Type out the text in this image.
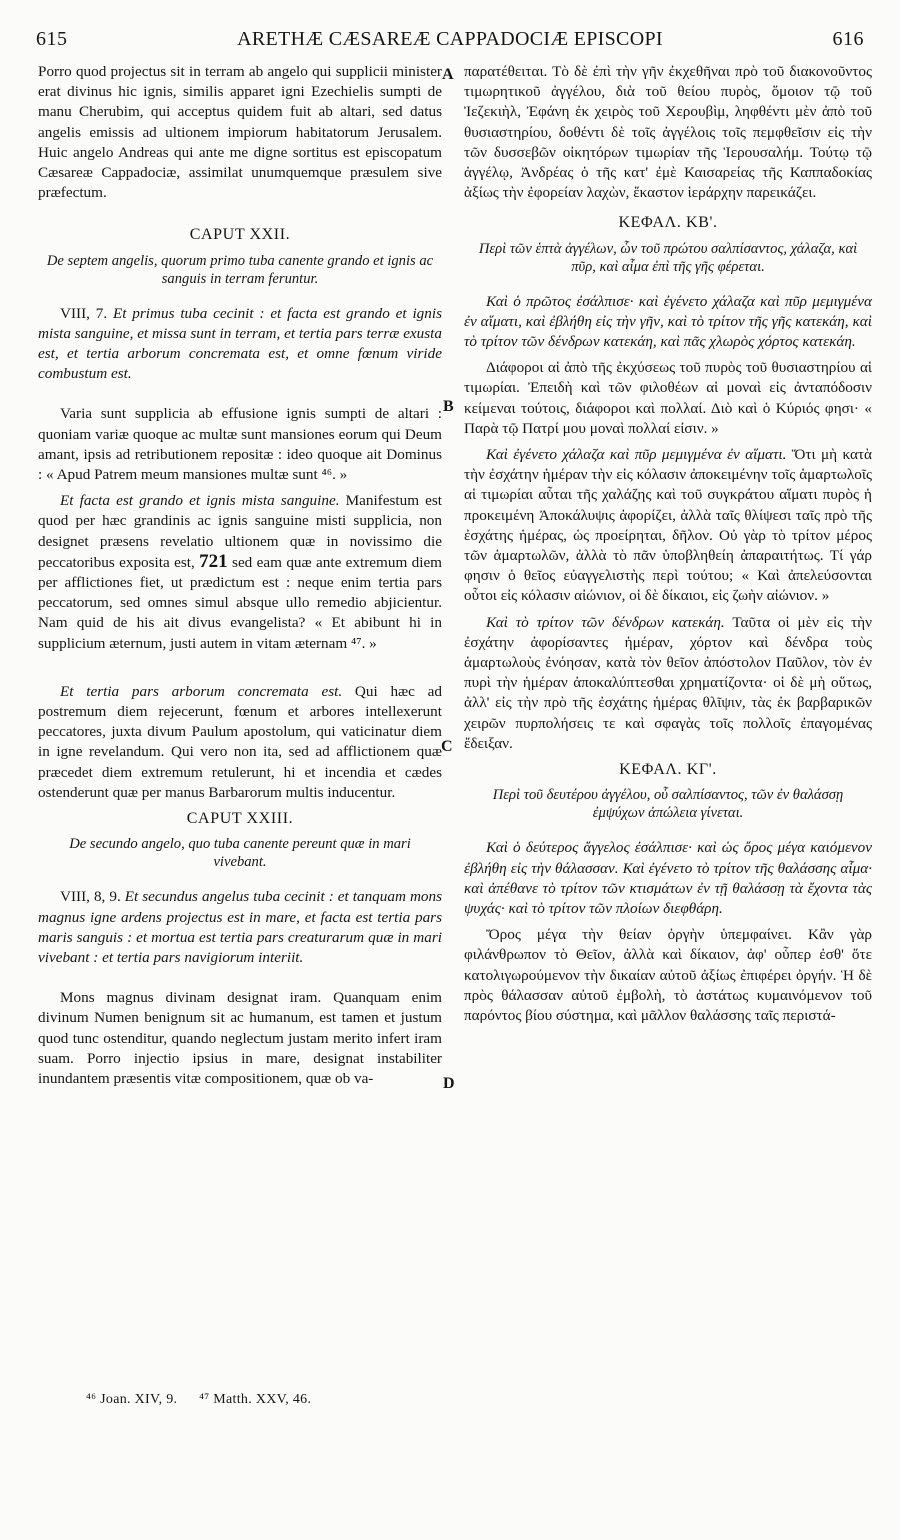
615	ARETHÆ CÆSAREÆ CAPPADOCIÆ EPISCOPI	616
A
B
C
D

Porro quod projectus sit in terram ab angelo qui supplicii minister erat divinus hic ignis, similis apparet igni Ezechielis sumpti de manu Cherubim, qui acceptus quidem fuit ab altari, sed datus angelis emissis ad ultionem impiorum habitatorum Jerusalem. Huic angelo Andreas qui ante me digne sortitus est episcopatum Cæsareæ Cappadociæ, assimilat unumquemque præsulem sive præfectum.

CAPUT XXII.
De septem angelis, quorum primo tuba canente grando et ignis ac sanguis in terram feruntur.

VIII, 7. Et primus tuba cecinit : et facta est grando et ignis mista sanguine, et missa sunt in terram, et tertia pars terræ exusta est, et tertia arborum concremata est, et omne fœnum viride combustum est.

Varia sunt supplicia ab effusione ignis sumpti de altari : quoniam variæ quoque ac multæ sunt mansiones eorum qui Deum amant, ipsis ad retributionem repositæ : ideo quoque ait Dominus : « Apud Patrem meum mansiones multæ sunt ⁴⁶. »

Et facta est grando et ignis mista sanguine. Manifestum est quod per hæc grandinis ac ignis sanguine misti supplicia, non designet præsens revelatio ultionem quæ in novissimo die peccatoribus exposita est, 721 sed eam quæ ante extremum diem per afflictiones fiet, ut prædictum est : neque enim tertia pars peccatorum, sed omnes simul absque ullo remedio abjicientur. Nam quid de his ait divus evangelista? « Et abibunt hi in supplicium æternum, justi autem in vitam æternam ⁴⁷. »

Et tertia pars arborum concremata est. Qui hæc ad postremum diem rejecerunt, fœnum et arbores intellexerunt peccatores, juxta divum Paulum apostolum, qui vaticinatur diem in igne revelandum. Qui vero non ita, sed ad afflictionem quæ præcedet diem extremum retulerunt, hi et incendia et cædes ostenderunt quæ per manus Barbarorum multis inducentur.

CAPUT XXIII.
De secundo angelo, quo tuba canente pereunt quæ in mari vivebant.

VIII, 8, 9. Et secundus angelus tuba cecinit : et tanquam mons magnus igne ardens projectus est in mare, et facta est tertia pars maris sanguis : et mortua est tertia pars creaturarum quæ in mari vivebant : et tertia pars navigiorum interiit.

Mons magnus divinam designat iram. Quanquam enim divinum Numen benignum sit ac humanum, est tamen et justum quod tunc ostenditur, quando neglectum justam merito infert iram suam. Porro injectio ipsius in mare, designat instabiliter inundantem præsentis vitæ compositionem, quæ ob va-

παρατέθειται. Τὸ δὲ ἐπὶ τὴν γῆν ἐκχεθῆναι πρὸ τοῦ διακονοῦντος τιμωρητικοῦ ἀγγέλου, διὰ τοῦ θείου πυρὸς, ὅμοιον τῷ τοῦ Ἰεζεκιὴλ, Ἐφάνη ἐκ χειρὸς τοῦ Χερουβὶμ, ληφθέντι μὲν ἀπὸ τοῦ θυσιαστηρίου, δοθέντι δὲ τοῖς ἀγγέλοις τοῖς πεμφθεῖσιν εἰς τὴν τῶν δυσσεβῶν οἰκητόρων τιμωρίαν τῆς Ἱερουσαλήμ. Τούτῳ τῷ ἀγγέλῳ, Ἀνδρέας ὁ τῆς κατ' ἐμὲ Καισαρείας τῆς Καππαδοκίας ἀξίως τὴν ἐφορείαν λαχὼν, ἕκαστον ἱεράρχην παρεικάζει.

ΚΕΦΑΛ. ΚΒ'.
Περὶ τῶν ἑπτὰ ἀγγέλων, ὧν τοῦ πρώτου σαλπίσαντος, χάλαζα, καὶ πῦρ, καὶ αἷμα ἐπὶ τῆς γῆς φέρεται.

Καὶ ὁ πρῶτος ἐσάλπισε· καὶ ἐγένετο χάλαζα καὶ πῦρ μεμιγμένα ἐν αἵματι, καὶ ἐβλήθη εἰς τὴν γῆν, καὶ τὸ τρίτον τῆς γῆς κατεκάη, καὶ τὸ τρίτον τῶν δένδρων κατεκάη, καὶ πᾶς χλωρὸς χόρτος κατεκάη.

Διάφοροι αἱ ἀπὸ τῆς ἐκχύσεως τοῦ πυρὸς τοῦ θυσιαστηρίου αἱ τιμωρίαι. Ἐπειδὴ καὶ τῶν φιλοθέων αἱ μοναὶ εἰς ἀνταπόδοσιν κείμεναι τούτοις, διάφοροι καὶ πολλαί. Διὸ καὶ ὁ Κύριός φησι· « Παρὰ τῷ Πατρί μου μοναὶ πολλαί εἰσιν. »

Καὶ ἐγένετο χάλαζα καὶ πῦρ μεμιγμένα ἐν αἵματι. Ὅτι μὴ κατὰ τὴν ἐσχάτην ἡμέραν τὴν εἰς κόλασιν ἀποκειμένην τοῖς ἁμαρτωλοῖς αἱ τιμωρίαι αὗται τῆς χαλάζης καὶ τοῦ συγκράτου αἵματι πυρὸς ἡ προκειμένη Ἀποκάλυψις ἀφορίζει, ἀλλὰ ταῖς θλίψεσι ταῖς πρὸ τῆς ἐσχάτης ἡμέρας, ὡς προείρηται, δῆλον. Οὐ γὰρ τὸ τρίτον μέρος τῶν ἁμαρτωλῶν, ἀλλὰ τὸ πᾶν ὑποβληθείη ἀπαραιτήτως. Τί γάρ φησιν ὁ θεῖος εὐαγγελιστὴς περὶ τούτου; « Καὶ ἀπελεύσονται οὗτοι εἰς κόλασιν αἰώνιον, οἱ δὲ δίκαιοι, εἰς ζωὴν αἰώνιον. »

Καὶ τὸ τρίτον τῶν δένδρων κατεκάη. Ταῦτα οἱ μὲν εἰς τὴν ἐσχάτην ἀφορίσαντες ἡμέραν, χόρτον καὶ δένδρα τοὺς ἁμαρτωλοὺς ἐνόησαν, κατὰ τὸν θεῖον ἀπόστολον Παῦλον, τὸν ἐν πυρὶ τὴν ἡμέραν ἀποκαλύπτεσθαι χρηματίζοντα· οἱ δὲ μὴ οὕτως, ἀλλ' εἰς τὴν πρὸ τῆς ἐσχάτης ἡμέρας θλῖψιν, τὰς ἐκ βαρβαρικῶν χειρῶν πυρπολήσεις τε καὶ σφαγὰς τοῖς πολλοῖς ἐπαγομένας ἔδειξαν.

ΚΕΦΑΛ. ΚΓ'.
Περὶ τοῦ δευτέρου ἀγγέλου, οὗ σαλπίσαντος, τῶν ἐν θαλάσσῃ ἐμψύχων ἀπώλεια γίνεται.

Καὶ ὁ δεύτερος ἄγγελος ἐσάλπισε· καὶ ὡς ὄρος μέγα καιόμενον ἐβλήθη εἰς τὴν θάλασσαν. Καὶ ἐγένετο τὸ τρίτον τῆς θαλάσσης αἷμα· καὶ ἀπέθανε τὸ τρίτον τῶν κτισμάτων ἐν τῇ θαλάσσῃ τὰ ἔχοντα τὰς ψυχάς· καὶ τὸ τρίτον τῶν πλοίων διεφθάρη.

Ὄρος μέγα τὴν θείαν ὀργὴν ὑπεμφαίνει. Κἂν γὰρ φιλάνθρωπον τὸ Θεῖον, ἀλλὰ καὶ δίκαιον, ἀφ' οὗπερ ἐσθ' ὅτε κατολιγωρούμενον τὴν δικαίαν αὐτοῦ ἀξίως ἐπιφέρει ὀργήν. Ἡ δὲ πρὸς θάλασσαν αὐτοῦ ἐμβολὴ, τὸ ἀστάτως κυμαινόμενον τοῦ παρόντος βίου σύστημα, καὶ μᾶλλον θαλάσσης ταῖς περιστά-

⁴⁶ Joan. XIV, 9. ⁴⁷ Matth. XXV, 46.
